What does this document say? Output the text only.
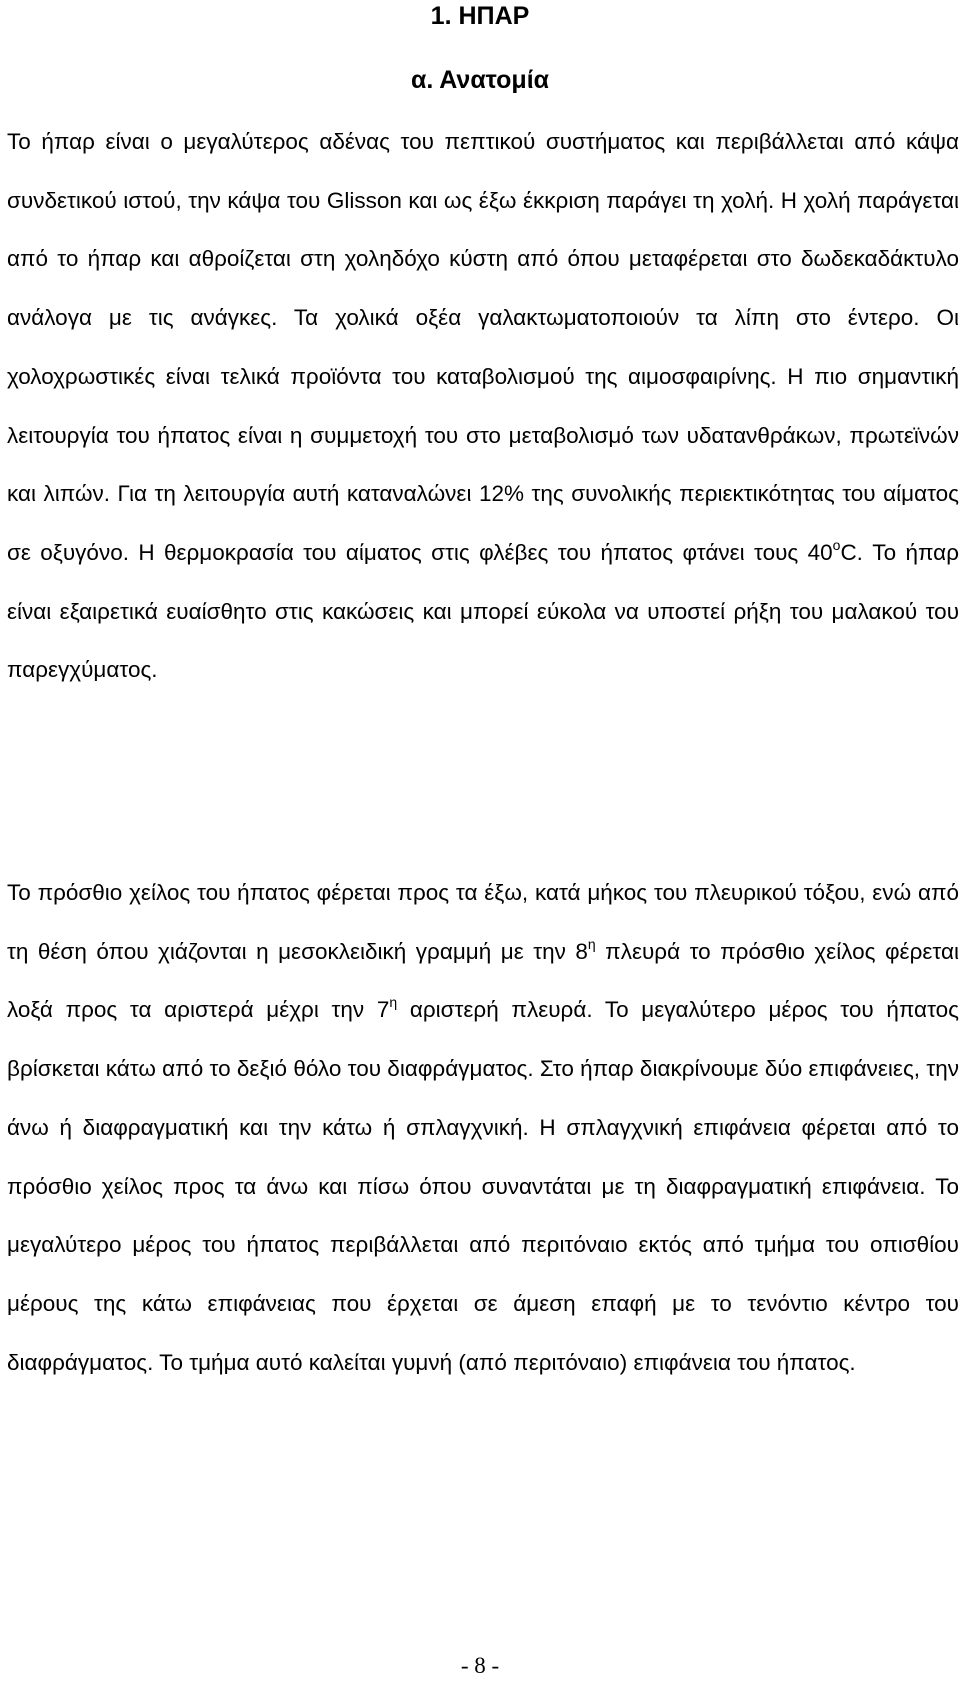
1. ΗΠΑΡ
α. Ανατομία

Το ήπαρ είναι ο μεγαλύτερος αδένας του πεπτικού συστήματος και περιβάλλεται από κάψα συνδετικού ιστού, την κάψα του Glisson και ως έξω έκκριση παράγει τη χολή. Η χολή παράγεται από το ήπαρ και αθροίζεται στη χοληδόχο κύστη από όπου μεταφέρεται στο δωδεκαδάκτυλο ανάλογα με τις ανάγκες. Τα χολικά οξέα γαλακτωματοποιούν τα λίπη στο έντερο. Οι χολοχρωστικές είναι τελικά προϊόντα του καταβολισμού της αιμοσφαιρίνης. Η πιο σημαντική λειτουργία του ήπατος είναι η συμμετοχή του στο μεταβολισμό των υδατανθράκων, πρωτεϊνών και λιπών. Για τη λειτουργία αυτή καταναλώνει 12% της συνολικής περιεκτικότητας του αίματος σε οξυγόνο. Η θερμοκρασία του αίματος στις φλέβες του ήπατος φτάνει τους 40$^o$C. Το ήπαρ είναι εξαιρετικά ευαίσθητο στις κακώσεις και μπορεί εύκολα να υποστεί ρήξη του μαλακού του παρεγχύματος.

Το πρόσθιο χείλος του ήπατος φέρεται προς τα έξω, κατά μήκος του πλευρικού τόξου, ενώ από τη θέση όπου χιάζονται η μεσοκλειδική γραμμή με την $8^\eta$ πλευρά το πρόσθιο χείλος φέρεται λοξά προς τα αριστερά μέχρι την $7^\eta$ αριστερή πλευρά. Το μεγαλύτερο μέρος του ήπατος βρίσκεται κάτω από το δεξιό θόλο του διαφράγματος. Στο ήπαρ διακρίνουμε δύο επιφάνειες, την άνω ή διαφραγματική και την κάτω ή σπλαγχνική. Η σπλαγχνική επιφάνεια φέρεται από το πρόσθιο χείλος προς τα άνω και πίσω όπου συναντάται με τη διαφραγματική επιφάνεια. Το μεγαλύτερο μέρος του ήπατος περιβάλλεται από περιτόναιο εκτός από τμήμα του οπισθίου μέρους της κάτω επιφάνειας που έρχεται σε άμεση επαφή με το τενόντιο κέντρο του διαφράγματος. Το τμήμα αυτό καλείται γυμνή (από περιτόναιο) επιφάνεια του ήπατος.

- 8 -
